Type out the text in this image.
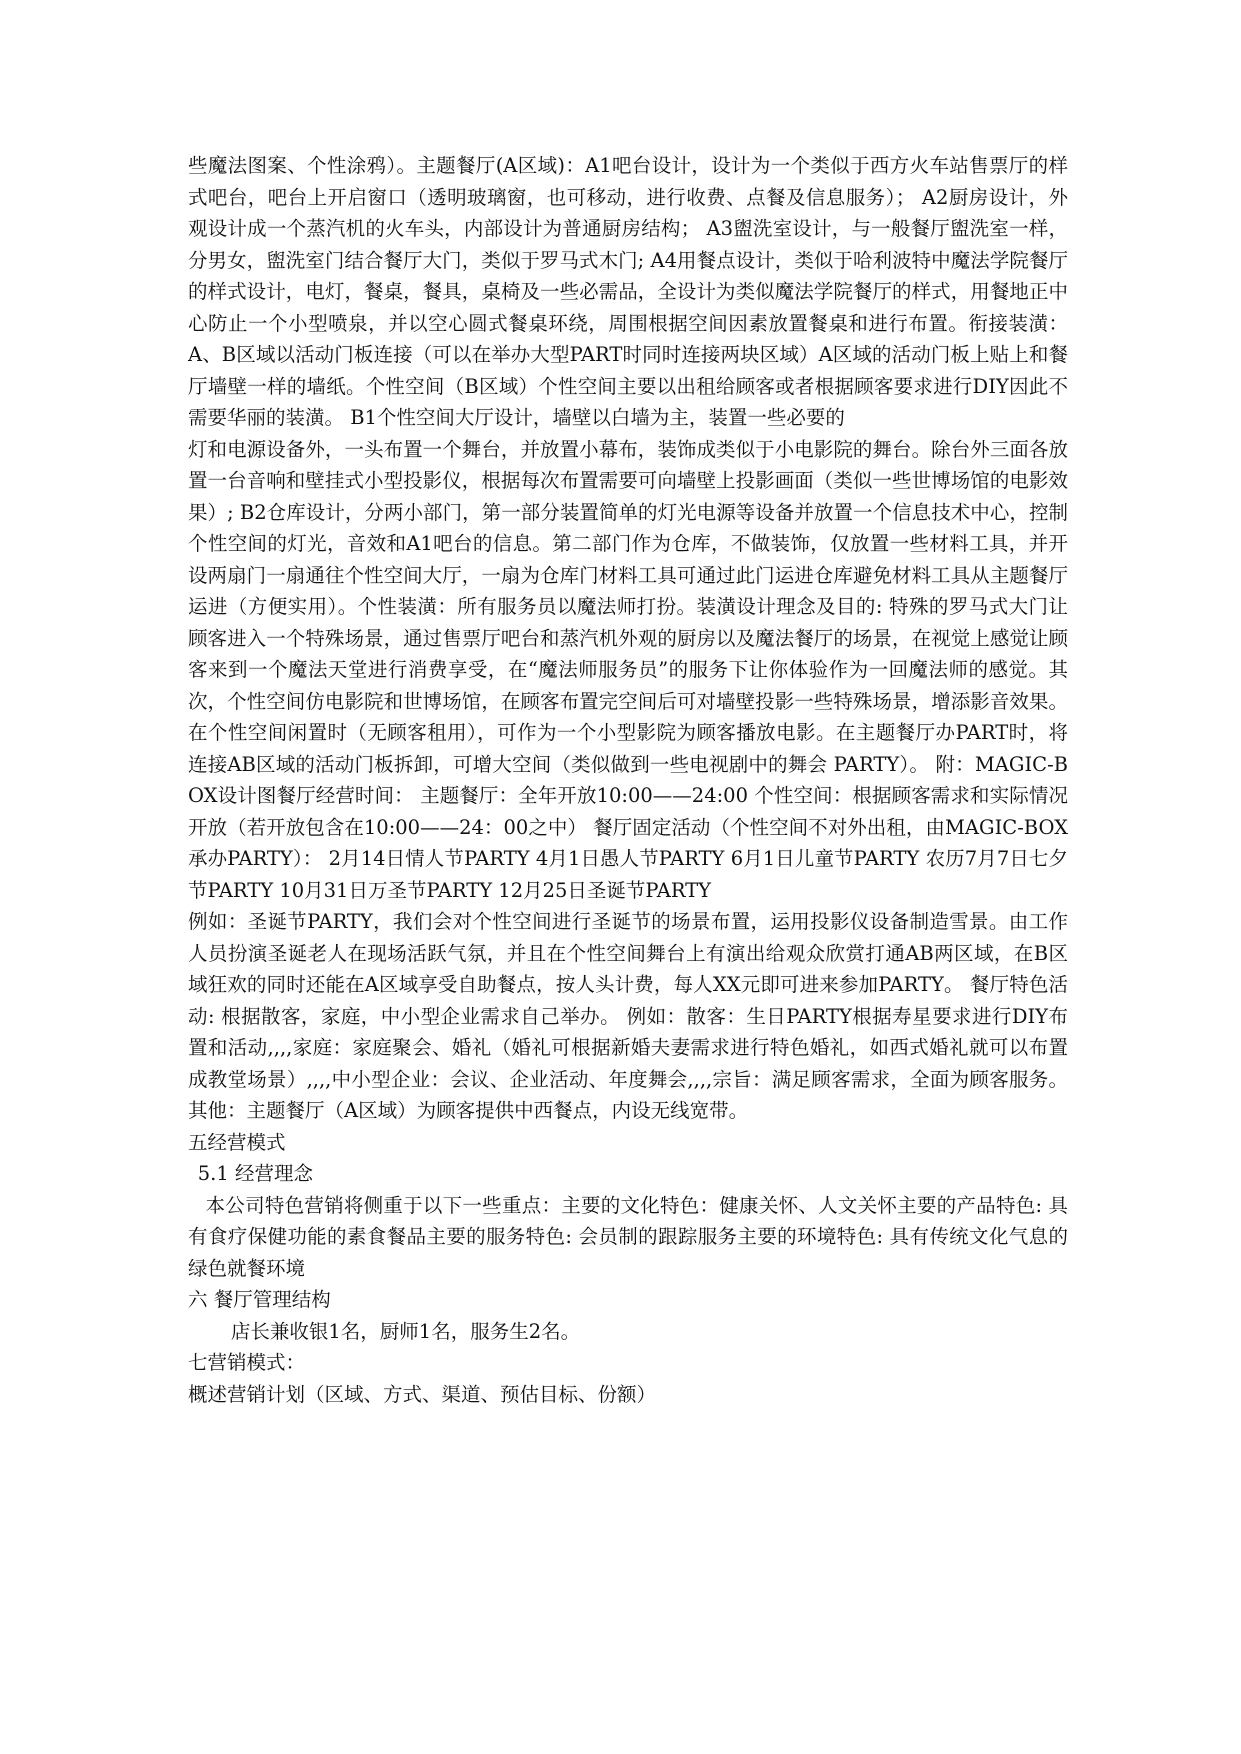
些魔法图案、个性涂鸦）。主题餐厅(A区域)：A1吧台设计，设计为一个类似于西方火车站售票厅的样式吧台，吧台上开启窗口（透明玻璃窗，也可移动，进行收费、点餐及信息服务）； A2厨房设计，外观设计成一个蒸汽机的火车头，内部设计为普通厨房结构； A3盥洗室设计，与一般餐厅盥洗室一样，分男女，盥洗室门结合餐厅大门，类似于罗马式木门; A4用餐点设计，类似于哈利波特中魔法学院餐厅的样式设计，电灯，餐桌，餐具，桌椅及一些必需品，全设计为类似魔法学院餐厅的样式，用餐地正中心防止一个小型喷泉，并以空心圆式餐桌环绕，周围根据空间因素放置餐桌和进行布置。衔接装潢：A、B区域以活动门板连接（可以在举办大型PART时同时连接两块区域）A区域的活动门板上贴上和餐厅墙壁一样的墙纸。个性空间（B区域）个性空间主要以出租给顾客或者根据顾客要求进行DIY因此不需要华丽的装潢。 B1个性空间大厅设计，墙壁以白墙为主，装置一些必要的

灯和电源设备外，一头布置一个舞台，并放置小幕布，装饰成类似于小电影院的舞台。除台外三面各放置一台音响和壁挂式小型投影仪，根据每次布置需要可向墙壁上投影画面（类似一些世博场馆的电影效果）; B2仓库设计，分两小部门，第一部分装置简单的灯光电源等设备并放置一个信息技术中心，控制个性空间的灯光，音效和A1吧台的信息。第二部门作为仓库，不做装饰，仅放置一些材料工具，并开设两扇门一扇通往个性空间大厅，一扇为仓库门材料工具可通过此门运进仓库避免材料工具从主题餐厅运进（方便实用）。个性装潢：所有服务员以魔法师打扮。装潢设计理念及目的: 特殊的罗马式大门让顾客进入一个特殊场景，通过售票厅吧台和蒸汽机外观的厨房以及魔法餐厅的场景，在视觉上感觉让顾客来到一个魔法天堂进行消费享受，在“魔法师服务员”的服务下让你体验作为一回魔法师的感觉。其次，个性空间仿电影院和世博场馆，在顾客布置完空间后可对墙壁投影一些特殊场景，增添影音效果。在个性空间闲置时（无顾客租用），可作为一个小型影院为顾客播放电影。在主题餐厅办PART时，将连接AB区域的活动门板拆卸，可增大空间（类似做到一些电视剧中的舞会 PARTY）。 附：MAGIC-BOX设计图餐厅经营时间： 主题餐厅：全年开放10:00——24:00 个性空间：根据顾客需求和实际情况开放（若开放包含在10:00——24：00之中） 餐厅固定活动（个性空间不对外出租，由MAGIC-BOX承办PARTY）： 2月14日情人节PARTY 4月1日愚人节PARTY 6月1日儿童节PARTY 农历7月7日七夕节PARTY 10月31日万圣节PARTY 12月25日圣诞节PARTY

例如：圣诞节PARTY，我们会对个性空间进行圣诞节的场景布置，运用投影仪设备制造雪景。由工作人员扮演圣诞老人在现场活跃气氛，并且在个性空间舞台上有演出给观众欣赏打通AB两区域，在B区域狂欢的同时还能在A区域享受自助餐点，按人头计费，每人XX元即可进来参加PARTY。 餐厅特色活动: 根据散客，家庭，中小型企业需求自己举办。 例如：散客：生日PARTY根据寿星要求进行DIY布置和活动,,,,家庭：家庭聚会、婚礼（婚礼可根据新婚夫妻需求进行特色婚礼，如西式婚礼就可以布置成教堂场景）,,,,中小型企业：会议、企业活动、年度舞会,,,,宗旨：满足顾客需求，全面为顾客服务。其他：主题餐厅（A区域）为顾客提供中西餐点，内设无线宽带。

五经营模式

5.1 经营理念

本公司特色营销将侧重于以下一些重点：主要的文化特色：健康关怀、人文关怀主要的产品特色: 具有食疗保健功能的素食餐品主要的服务特色: 会员制的跟踪服务主要的环境特色: 具有传统文化气息的绿色就餐环境

六 餐厅管理结构

店长兼收银1名，厨师1名，服务生2名。

七营销模式：

概述营销计划（区域、方式、渠道、预估目标、份额）
